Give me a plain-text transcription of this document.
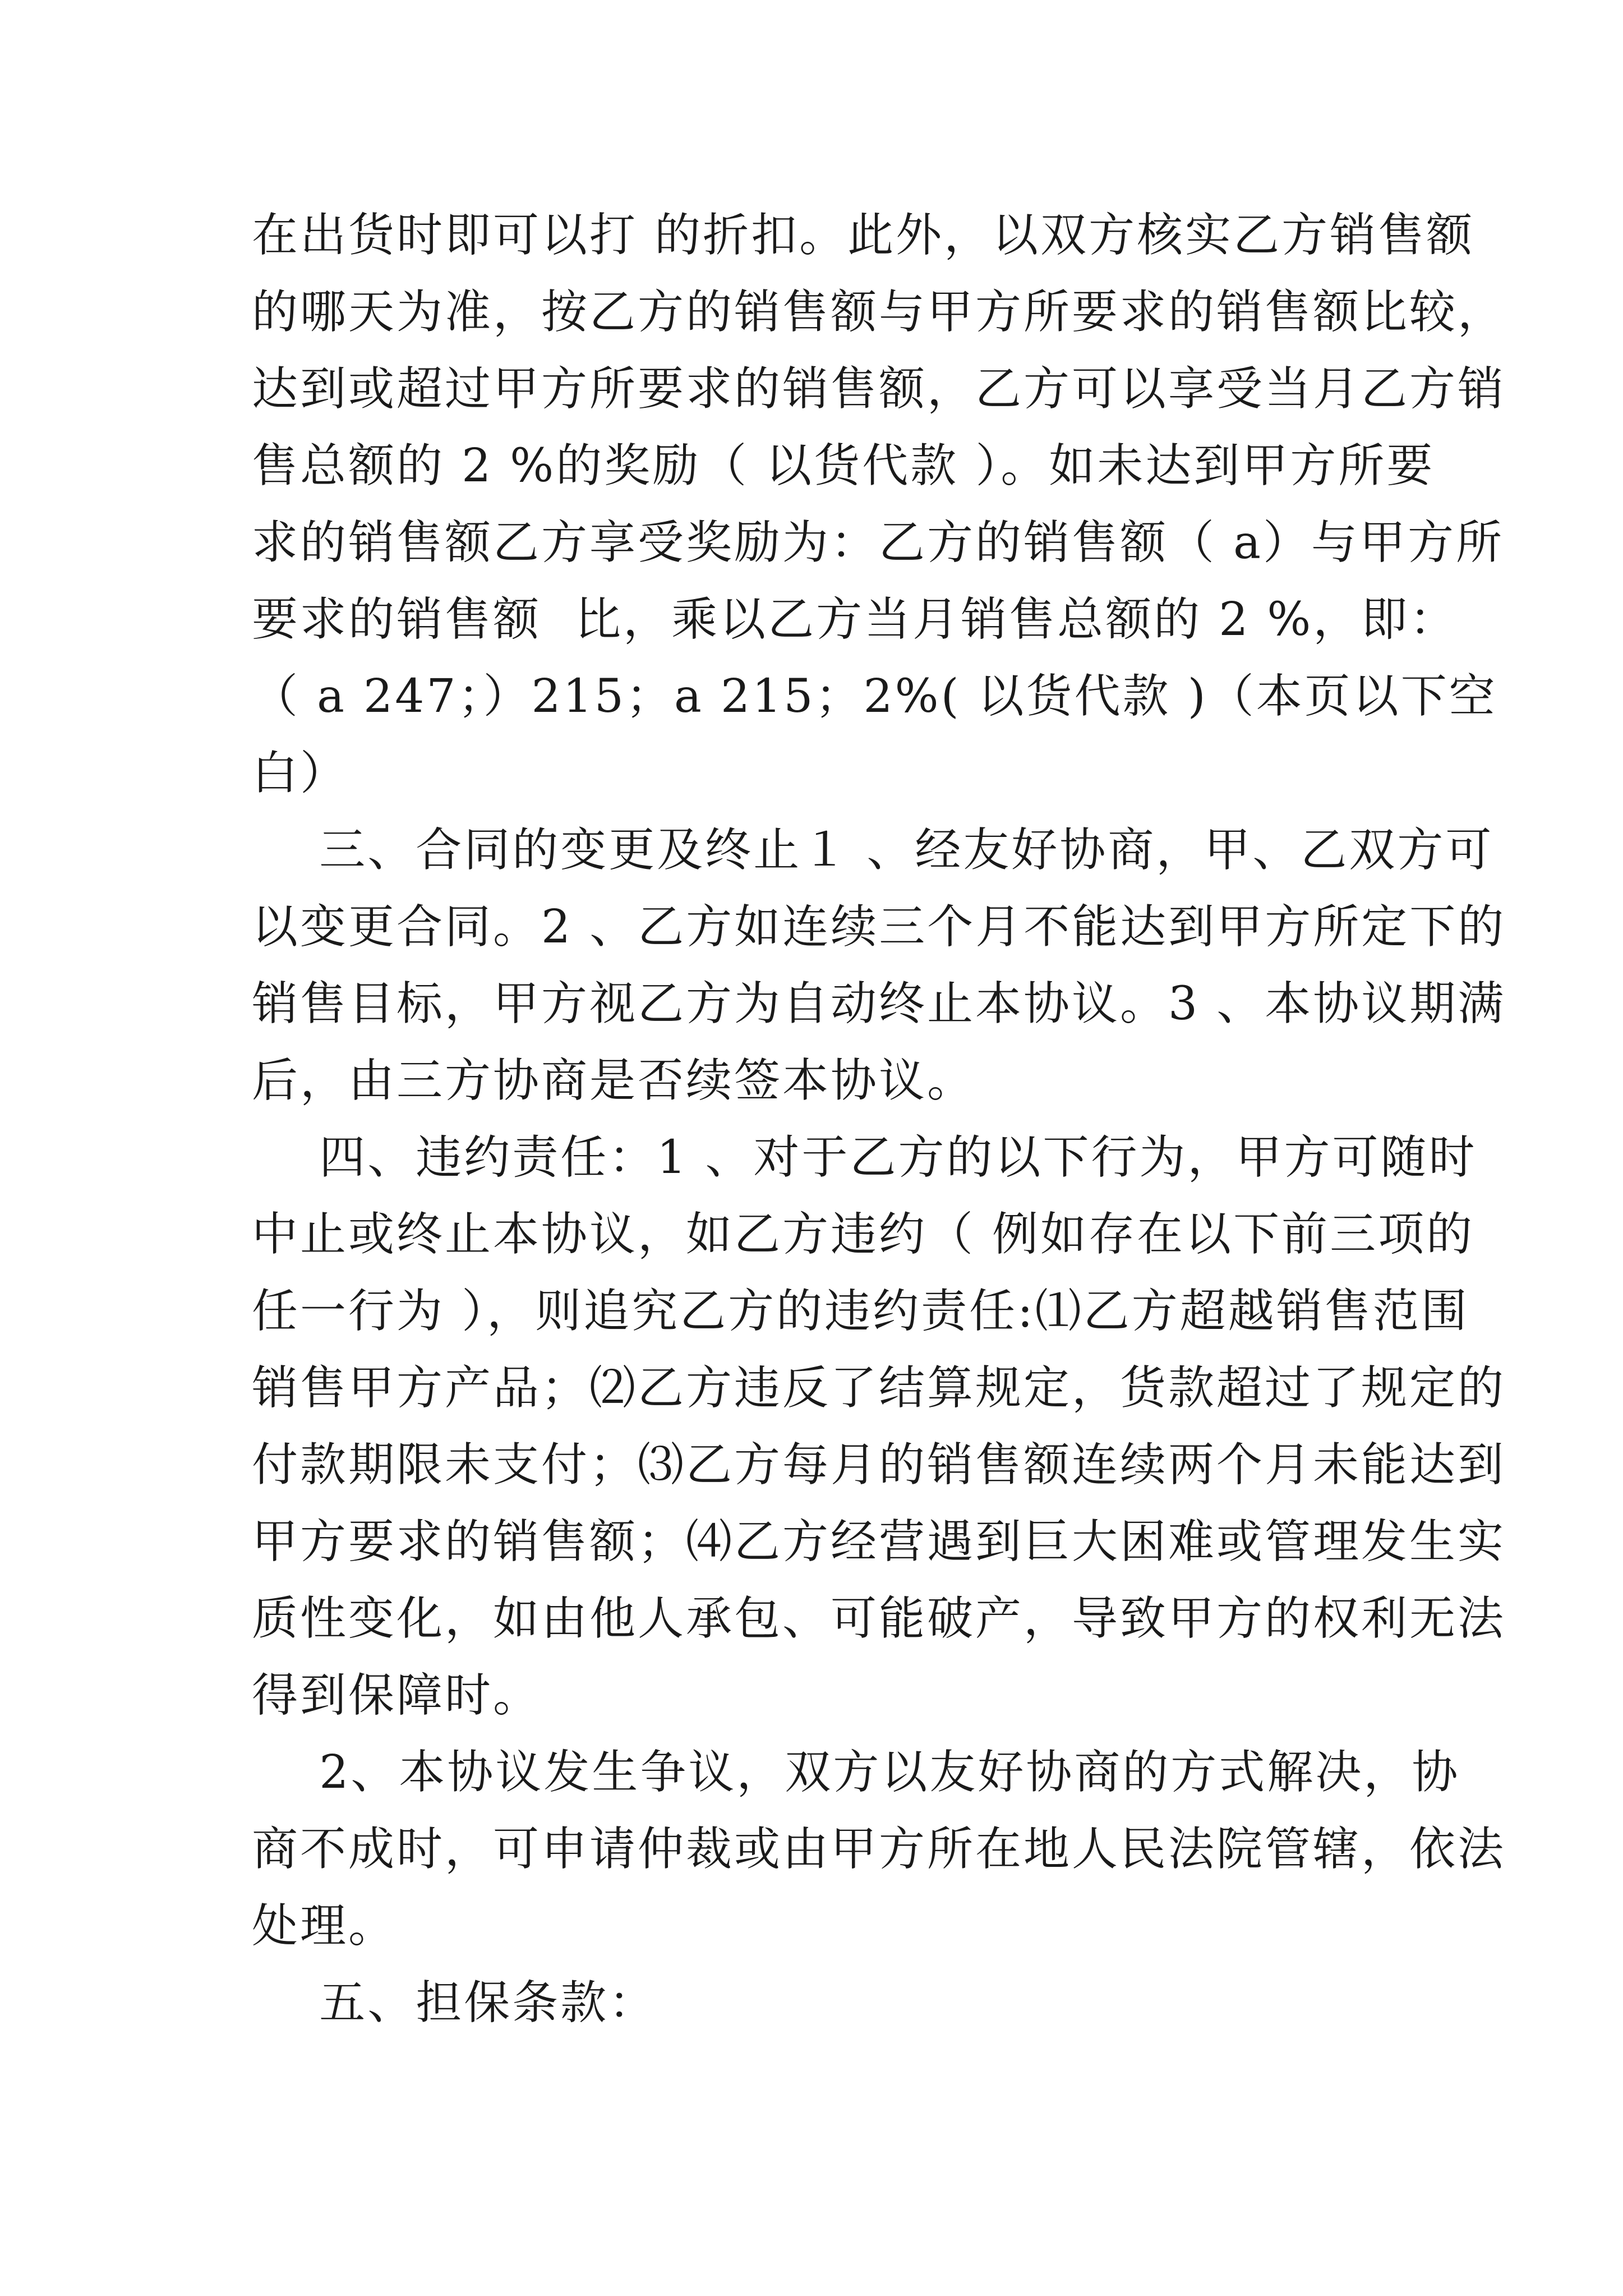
在出货时即可以打 的折扣。此外，以双方核实乙方销售额
的哪天为准，按乙方的销售额与甲方所要求的销售额比较，
达到或超过甲方所要求的销售额，乙方可以享受当月乙方销
售总额的 2 %的奖励（ 以货代款 ）。如未达到甲方所要
求的销售额乙方享受奖励为：乙方的销售额（ a）与甲方所
要求的销售额  比，乘以乙方当月销售总额的 2 %，即：
（ a 247；）215；a 215；2%( 以货代款 )（本页以下空
白）
三、合同的变更及终止１ 、经友好协商，甲、乙双方可
以变更合同。2 、乙方如连续三个月不能达到甲方所定下的
销售目标，甲方视乙方为自动终止本协议。3 、本协议期满
后，由三方协商是否续签本协议。
四、违约责任：1 、对于乙方的以下行为，甲方可随时
中止或终止本协议，如乙方违约（ 例如存在以下前三项的
任一行为 ），则追究乙方的违约责任:⑴乙方超越销售范围
销售甲方产品；⑵乙方违反了结算规定，货款超过了规定的
付款期限未支付；⑶乙方每月的销售额连续两个月未能达到
甲方要求的销售额；⑷乙方经营遇到巨大困难或管理发生实
质性变化，如由他人承包、可能破产，导致甲方的权利无法
得到保障时。
2、本协议发生争议，双方以友好协商的方式解决，协
商不成时，可申请仲裁或由甲方所在地人民法院管辖，依法
处理。
五、担保条款：
